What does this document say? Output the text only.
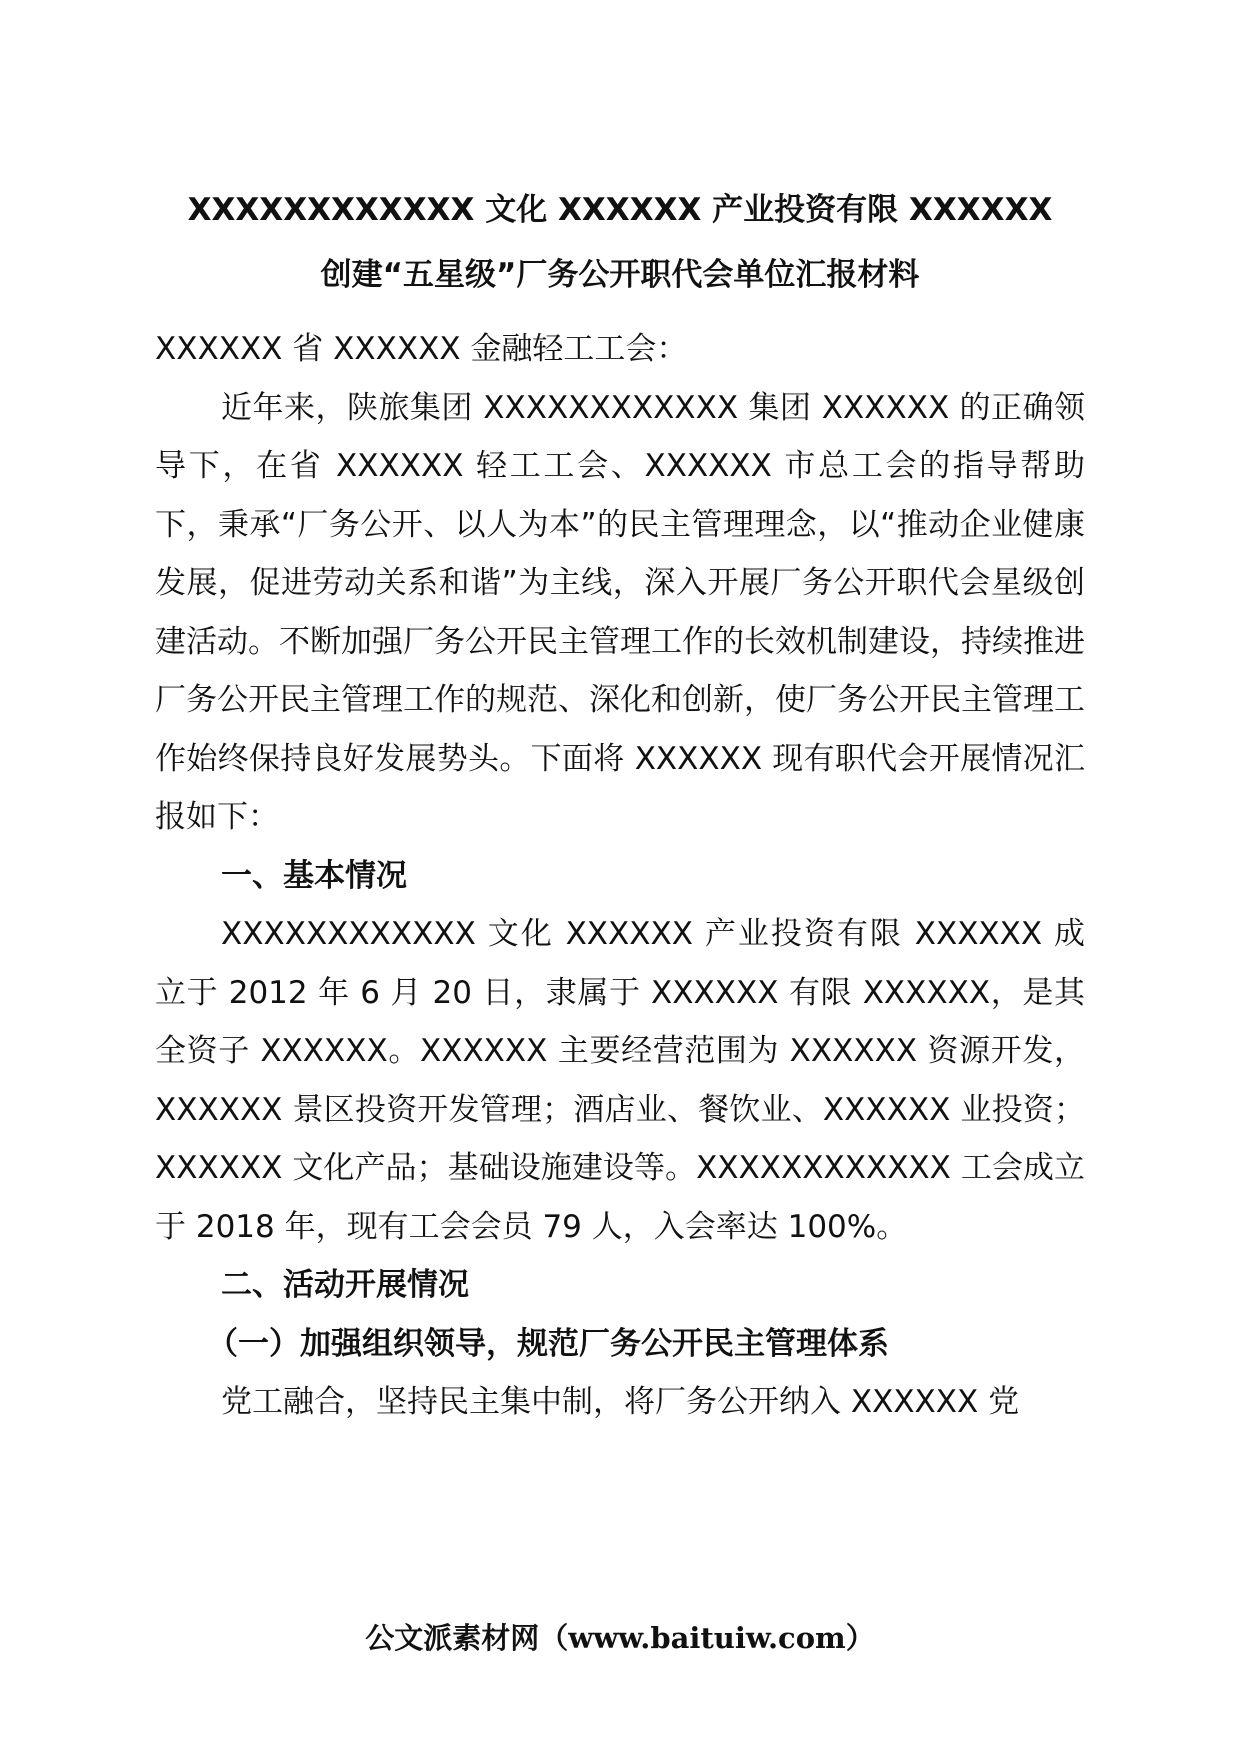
XXXXXXXXXXXX 文化 XXXXXX 产业投资有限 XXXXXX
创建“五星级”厂务公开职代会单位汇报材料

XXXXXX 省 XXXXXX 金融轻工工会：

近年来，陕旅集团 XXXXXXXXXXXX 集团 XXXXXX 的正确领导下，在省 XXXXXX 轻工工会、XXXXXX 市总工会的指导帮助下，秉承“厂务公开、以人为本”的民主管理理念，以“推动企业健康发展，促进劳动关系和谐”为主线，深入开展厂务公开职代会星级创建活动。不断加强厂务公开民主管理工作的长效机制建设，持续推进厂务公开民主管理工作的规范、深化和创新，使厂务公开民主管理工作始终保持良好发展势头。下面将 XXXXXX 现有职代会开展情况汇报如下：

一、基本情况

XXXXXXXXXXXX 文化 XXXXXX 产业投资有限 XXXXXX 成立于 2012 年 6 月 20 日，隶属于 XXXXXX 有限 XXXXXX，是其全资子 XXXXXX。XXXXXX 主要经营范围为 XXXXXX 资源开发，XXXXXX 景区投资开发管理；酒店业、餐饮业、XXXXXX 业投资；XXXXXX 文化产品；基础设施建设等。XXXXXXXXXXXX 工会成立于 2018 年，现有工会会员 79 人，入会率达 100%。

二、活动开展情况

（一）加强组织领导，规范厂务公开民主管理体系

党工融合，坚持民主集中制，将厂务公开纳入 XXXXXX 党

公文派素材网（www.baituiw.com）
